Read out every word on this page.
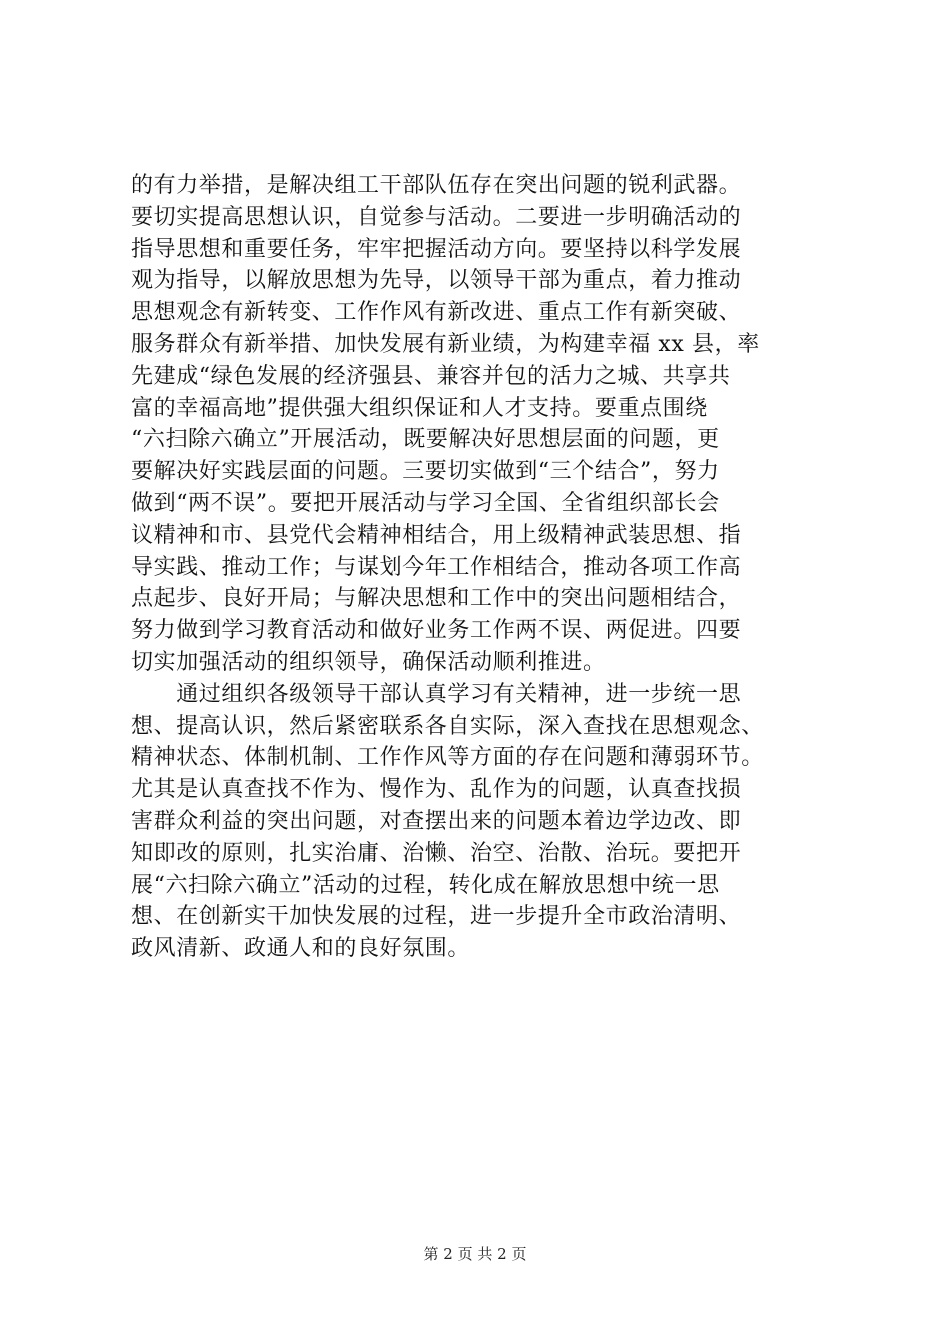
的有力举措，是解决组工干部队伍存在突出问题的锐利武器。
要切实提高思想认识，自觉参与活动。二要进一步明确活动的
指导思想和重要任务，牢牢把握活动方向。要坚持以科学发展
观为指导，以解放思想为先导，以领导干部为重点，着力推动
思想观念有新转变、工作作风有新改进、重点工作有新突破、
服务群众有新举措、加快发展有新业绩，为构建幸福 xx 县，率
先建成“绿色发展的经济强县、兼容并包的活力之城、共享共
富的幸福高地”提供强大组织保证和人才支持。要重点围绕
“六扫除六确立”开展活动，既要解决好思想层面的问题，更
要解决好实践层面的问题。三要切实做到“三个结合”，努力
做到“两不误”。要把开展活动与学习全国、全省组织部长会
议精神和市、县党代会精神相结合，用上级精神武装思想、指
导实践、推动工作；与谋划今年工作相结合，推动各项工作高
点起步、良好开局；与解决思想和工作中的突出问题相结合，
努力做到学习教育活动和做好业务工作两不误、两促进。四要
切实加强活动的组织领导，确保活动顺利推进。
　　通过组织各级领导干部认真学习有关精神，进一步统一思
想、提高认识，然后紧密联系各自实际，深入查找在思想观念、
精神状态、体制机制、工作作风等方面的存在问题和薄弱环节。
尤其是认真查找不作为、慢作为、乱作为的问题，认真查找损
害群众利益的突出问题，对查摆出来的问题本着边学边改、即
知即改的原则，扎实治庸、治懒、治空、治散、治玩。要把开
展“六扫除六确立”活动的过程，转化成在解放思想中统一思
想、在创新实干加快发展的过程，进一步提升全市政治清明、
政风清新、政通人和的良好氛围。
第 2 页 共 2 页
